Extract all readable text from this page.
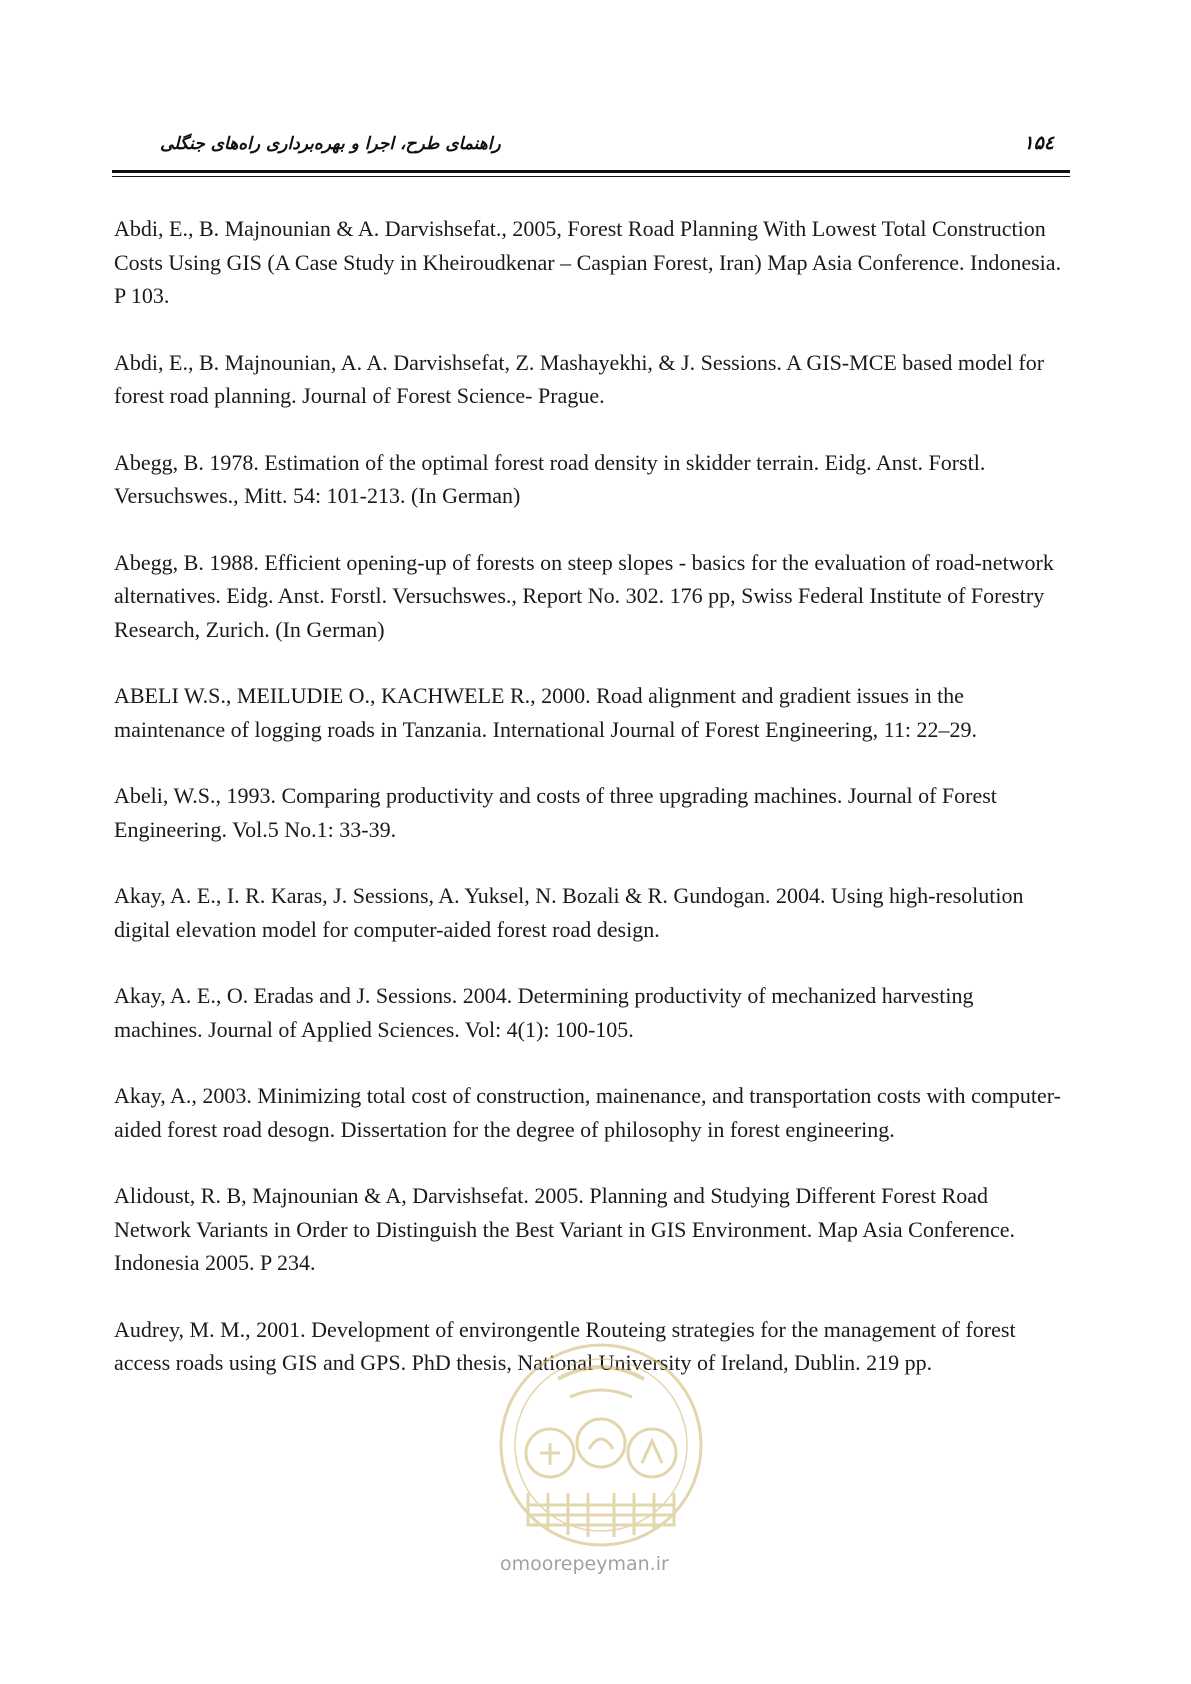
راهنمای طرح، اجرا و بهره‌برداری راه‌های جنگلی	۱۵٤
Abdi, E., B. Majnounian & A. Darvishsefat., 2005, Forest Road Planning With Lowest Total Construction Costs Using GIS (A Case Study in Kheiroudkenar – Caspian Forest, Iran) Map Asia Conference. Indonesia. P 103.
Abdi, E., B. Majnounian, A. A. Darvishsefat, Z. Mashayekhi, & J. Sessions. A GIS-MCE based model for forest road planning. Journal of Forest Science- Prague.
Abegg, B. 1978. Estimation of the optimal forest road density in skidder terrain. Eidg. Anst. Forstl. Versuchswes., Mitt. 54: 101-213. (In German)
Abegg, B. 1988. Efficient opening-up of forests on steep slopes - basics for the evaluation of road-network alternatives. Eidg. Anst. Forstl. Versuchswes., Report No. 302. 176 pp, Swiss Federal Institute of Forestry Research, Zurich. (In German)
ABELI W.S., MEILUDIE O., KACHWELE R., 2000. Road alignment and gradient issues in the maintenance of logging roads in Tanzania. International Journal of Forest Engineering, 11: 22–29.
Abeli, W.S., 1993. Comparing productivity and costs of three upgrading machines. Journal of Forest Engineering. Vol.5 No.1: 33-39.
Akay, A. E., I. R. Karas, J. Sessions, A. Yuksel, N. Bozali & R. Gundogan. 2004. Using high-resolution digital elevation model for computer-aided forest road design.
Akay, A. E., O. Eradas and J. Sessions. 2004. Determining productivity of mechanized harvesting machines. Journal of Applied Sciences. Vol: 4(1): 100-105.
Akay, A., 2003. Minimizing total cost of construction, mainenance, and transportation costs with computer-aided forest road desogn. Dissertation for the degree of philosophy in forest engineering.
Alidoust, R. B, Majnounian & A, Darvishsefat. 2005. Planning and Studying Different Forest Road Network Variants in Order to Distinguish the Best Variant in GIS Environment. Map Asia Conference. Indonesia 2005. P 234.
Audrey, M. M., 2001. Development of environgentle Routeing strategies for the management of forest access roads using GIS and GPS. PhD thesis, National University of Ireland, Dublin. 219 pp.
omoorepeyman.ir
